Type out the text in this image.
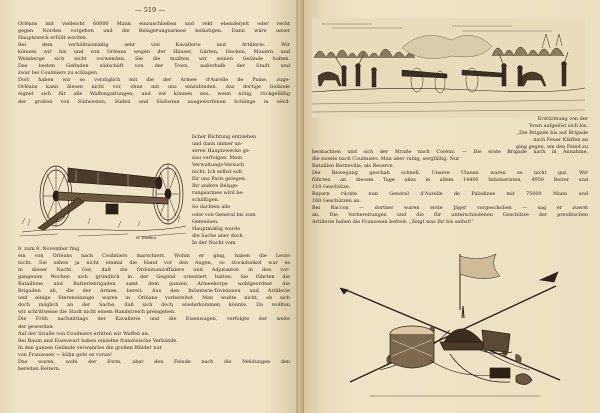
— 519 —
Orléans mit vielleicht 60000 Mann einzuschließen und rekt ebenderjelt oder recht
gegen Norden vorgehen und die Belagerungsarmee belästigen. Dann wäre unser
Hauptzweck erfüllt worden.
Bei dem verhältnismäßig sehr viel Kavallerie und Artillerie. Wir
können wir bis und von Orléans wegen der Häuser, Gärten, Hecken, Mauern und
Weinberge sich nicht vorwenden. Sie die mußten wir seinen Gelände halten.
Das besten Gefinden südschäft von der Town, außerhalb der Stadt und
zwar bei Coulmiers zu schlagen.
Dort haben wir so vorzüglich mit die der Armee d'Aurelle de Paine, zuge-
Orléans kann diesen nicht vor, ohne mit uns einzubinden. das dortige Gelände
eignet sich für alle Waffengattungen, und wir können uns, wenn nötig, rückgefällig
der großen von Südwesten, Süden und Südosten ausgeworfenen Schlinge in nörd-
R. Steffen
licher Richtung entziehen
und dann immer un-
seren Hauptzwecke ge-
nau verfolgen. Mein
Verwaltungs-Versuch
nicht. Ich selbst soll
für uns Paris gelegen.
Ihr andere Belage-
rungsarmee wird be-
schäftigen.
So dachten alle
oder von General bis zum
Gemeinen.
Hauptmäßig wurde
die Sache aber doch.
In der Nacht vom
8. zum 9. November fing
ein von Orléans nach Coulmiers marschiert. Wohin er ging, haben die Leute
nicht. Sie sahen ja nicht einmal die Hand vor den Augen, so stockdunkel war es
in dieser Nacht. Gut, daß die Ordonnanzoffiziere und Adjutanten in den vor-
gangenen Wochen sich gründlich in der Gegend orientiert hatten. Sie führten die
Bataillone und Batteriebrigaden samt dem ganzen Armeekorps wohlgeordnet die
Brigaden ab, die der Armee, bereit. Aus den Infanterie-Divisionen und Artillerie
und einige Stereneinzuge waren in Orléans vorbereitet. Man wußte nicht, ob sich
doch möglich an der Sache, daß sich doch wiederkommen könnte. Da wollten
wir schrittweise die Stadt nicht einem Handstreich preisgeben.
Die Früh nachmittags der Kavallerie und die Eisenwagen, verfolgte der weite
der geworden.
Auf der Straße von Coulmiers erlitten wir Waffen an.
Bei Baum und Eisenwart haben einzelne französische Verbände.
In den ganzen Gelände verwahrlos die großen Wälder nur
von Franzosen — kühn geht es voran!
Das waren, wohl der Form, aber den Feinde nach die Meldungen den
bereiten Reitern.
Erstürmung von der
Town aufgelöst sich los.
„Die Brigade bis auf Brigade
nach Feuer Kläffen an
ging gegen, um den Feind zu
beobachten und sich der Straße nach Corenz. — Die erste Brigade nach in Annahme,
die zweite nach Coulmiers. Man aber ruhig, sorgfältig. Nur
Bataillon Berneville, als Reserve.
Die Bewegung geschah schnell. Unsere Ulanen waren so nicht gut. Wir
führten an diesem Tage alles in allem 14400 Infanteristen, 4950 Reiter und
110 Geschütze.
Bayern rückte nun General d'Aurelle de Paladines mit 75000 Mann und
160 Geschützen an.
Bei Baccon — dorther waren erste Jäger vorgeschoben — sag er zuerst
an. Die Vorbereitungen und die für unterschiedenen Geschütze der preußischen
Artillerie haben die Franzosen befreit: „Zeigt was Ihr bis selbst!“
